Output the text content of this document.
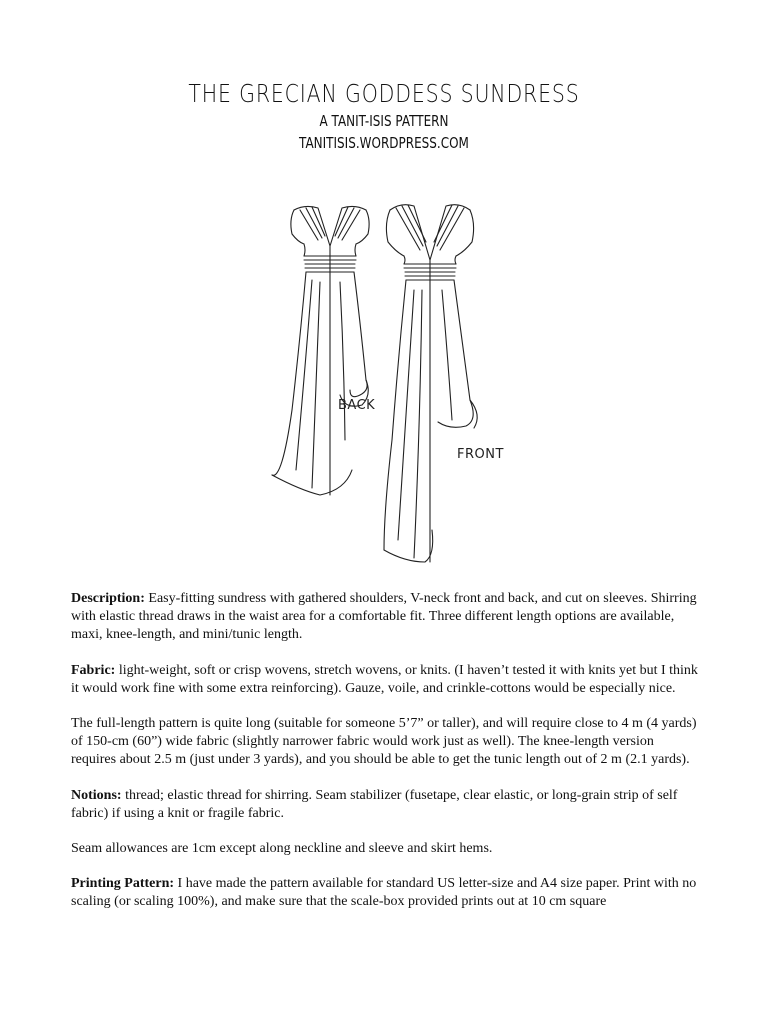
THE GRECIAN GODDESS SUNDRESS

A TANIT-ISIS PATTERN

TANITISIS.WORDPRESS.COM

BACK
FRONT

Description: Easy-fitting sundress with gathered shoulders, V-neck front and back, and cut on sleeves. Shirring with elastic thread draws in the waist area for a comfortable fit. Three different length options are available, maxi, knee-length, and mini/tunic length.

Fabric: light-weight, soft or crisp wovens, stretch wovens, or knits. (I haven’t tested it with knits yet but I think it would work fine with some extra reinforcing). Gauze, voile, and crinkle-cottons would be especially nice.

The full-length pattern is quite long (suitable for someone 5’7” or taller), and will require close to 4 m (4 yards) of 150-cm (60”) wide fabric (slightly narrower fabric would work just as well). The knee-length version requires about 2.5 m (just under 3 yards), and you should be able to get the tunic length out of 2 m (2.1 yards).

Notions: thread; elastic thread for shirring. Seam stabilizer (fusetape, clear elastic, or long-grain strip of self fabric) if using a knit or fragile fabric.

Seam allowances are 1cm except along neckline and sleeve and skirt hems.

Printing Pattern: I have made the pattern available for standard US letter-size and A4 size paper. Print with no scaling (or scaling 100%), and make sure that the scale-box provided prints out at 10 cm square
